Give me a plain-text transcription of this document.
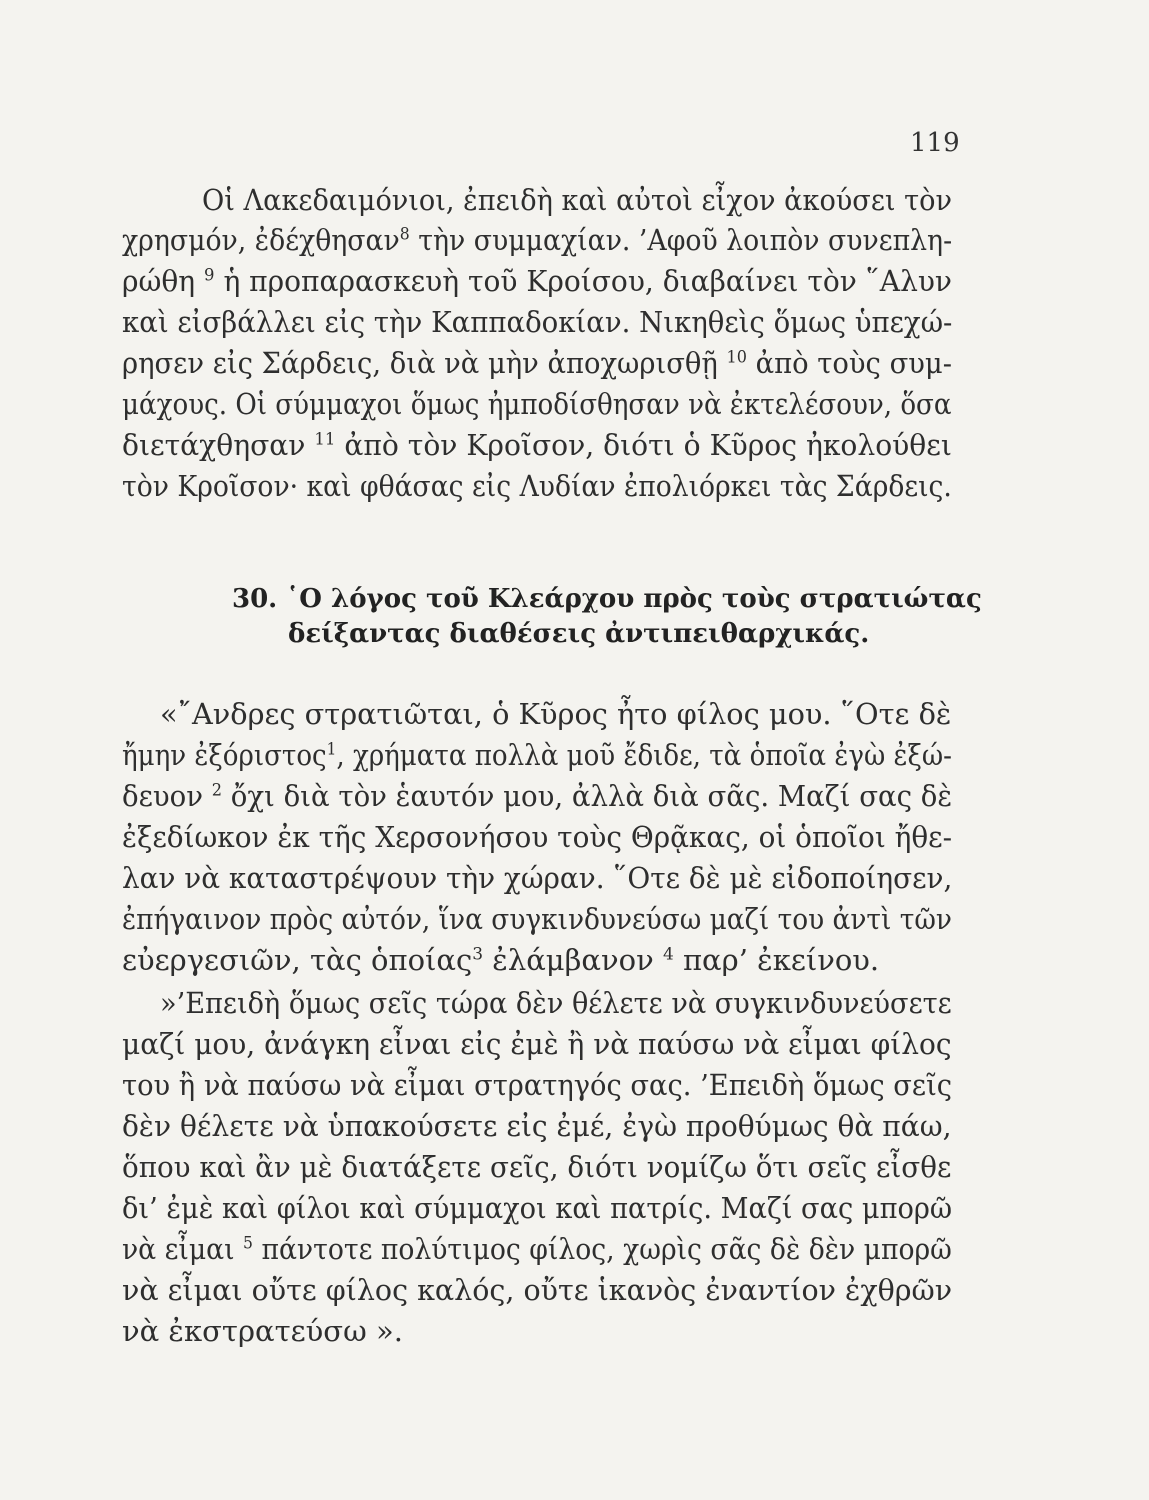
119
Οἱ Λακεδαιμόνιοι, ἐπειδὴ καὶ αὐτοὶ εἶχον ἀκούσει τὸν
χρησμόν, ἐδέχθησαν$^8$ τὴν συμμαχίαν. ’Αφοῦ λοιπὸν συνεπλη-
ρώθη $^9$ ἡ προπαρασκευὴ τοῦ Κροίσου, διαβαίνει τὸν ῞Αλυν
καὶ εἰσβάλλει εἰς τὴν Καππαδοκίαν. Νικηθεὶς ὅμως ὑπεχώ-
ρησεν εἰς Σάρδεις, διὰ νὰ μὴν ἀποχωρισθῇ $^{10}$ ἀπὸ τοὺς συμ-
μάχους. Οἱ σύμμαχοι ὅμως ἠμποδίσθησαν νὰ ἐκτελέσουν, ὅσα
διετάχθησαν $^{11}$ ἀπὸ τὸν Κροῖσον, διότι ὁ Κῦρος ἠκολούθει
τὸν Κροῖσον· καὶ φθάσας εἰς Λυδίαν ἐπολιόρκει τὰς Σάρδεις.
30. ῾Ο λόγος τοῦ Κλεάρχου πρὸς τοὺς στρατιώτας
δείξαντας διαθέσεις ἀντιπειθαρχικάς.
«῎Ανδρες στρατιῶται, ὁ Κῦρος ἦτο φίλος μου. ῞Οτε δὲ
ἤμην ἐξόριστος$^1$, χρήματα πολλὰ μοῦ ἔδιδε, τὰ ὁποῖα ἐγὼ ἐξώ-
δευον $^2$ ὄχι διὰ τὸν ἑαυτόν μου, ἀλλὰ διὰ σᾶς. Μαζί σας δὲ
ἐξεδίωκον ἐκ τῆς Χερσονήσου τοὺς Θρᾷκας, οἱ ὁποῖοι ἤθε-
λαν νὰ καταστρέψουν τὴν χώραν. ῞Οτε δὲ μὲ εἰδοποίησεν,
ἐπήγαινον πρὸς αὐτόν, ἵνα συγκινδυνεύσω μαζί του ἀντὶ τῶν
εὐεργεσιῶν, τὰς ὁποίας$^3$ ἐλάμβανον $^4$ παρ’ ἐκείνου.
»’Επειδὴ ὅμως σεῖς τώρα δὲν θέλετε νὰ συγκινδυνεύσετε
μαζί μου, ἀνάγκη εἶναι εἰς ἐμὲ ἢ νὰ παύσω νὰ εἶμαι φίλος
του ἢ νὰ παύσω νὰ εἶμαι στρατηγός σας. ’Επειδὴ ὅμως σεῖς
δὲν θέλετε νὰ ὑπακούσετε εἰς ἐμέ, ἐγὼ προθύμως θὰ πάω,
ὅπου καὶ ἂν μὲ διατάξετε σεῖς, διότι νομίζω ὅτι σεῖς εἶσθε
δι’ ἐμὲ καὶ φίλοι καὶ σύμμαχοι καὶ πατρίς. Μαζί σας μπορῶ
νὰ εἶμαι $^5$ πάντοτε πολύτιμος φίλος, χωρὶς σᾶς δὲ δὲν μπορῶ
νὰ εἶμαι οὔτε φίλος καλός, οὔτε ἱκανὸς ἐναντίον ἐχθρῶν
νὰ ἐκστρατεύσω ».
